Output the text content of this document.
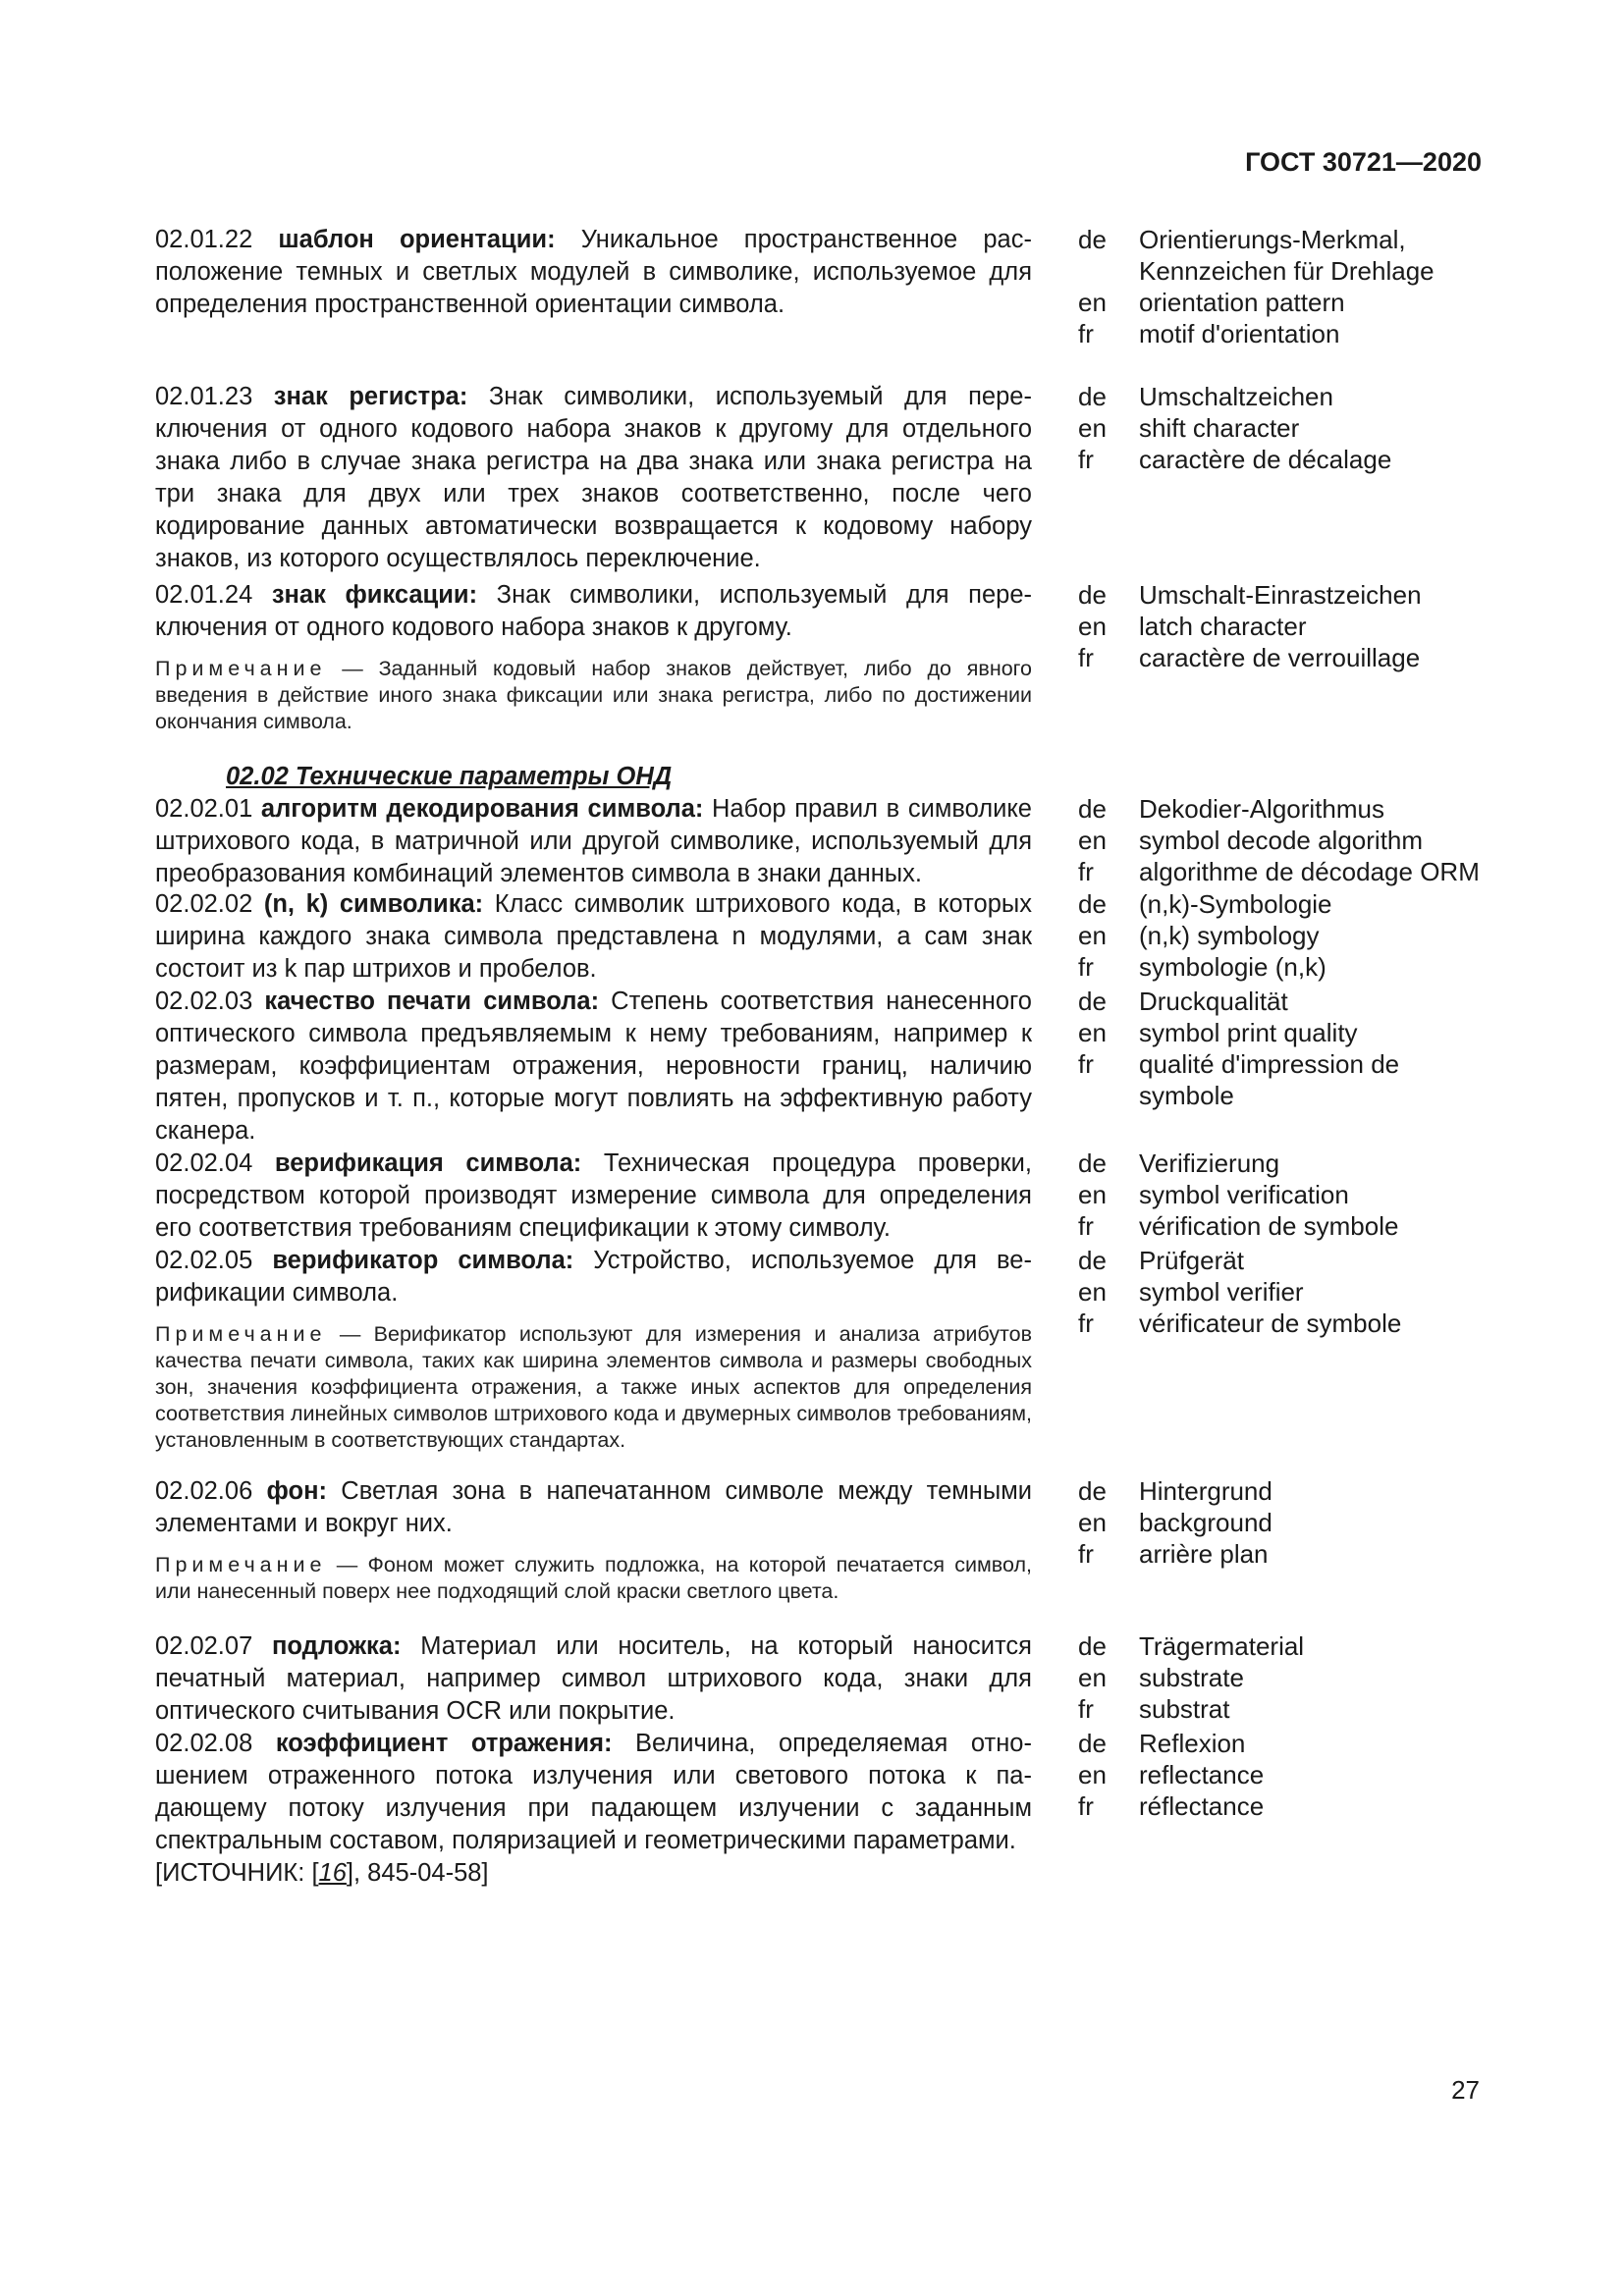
ГОСТ 30721—2020
02.01.22 шаблон ориентации: Уникальное пространственное расположение темных и светлых модулей в символике, используемое для определения пространственной ориентации символа.
de	Orientierungs-Merkmal, Kennzeichen für Drehlage
en	orientation pattern
fr	motif d'orientation
02.01.23 знак регистра: Знак символики, используемый для переключения от одного кодового набора знаков к другому для отдельного знака либо в случае знака регистра на два знака или знака регистра на три знака для двух или трех знаков соответственно, после чего кодирование данных автоматически возвращается к кодовому набору знаков, из которого осуществлялось переключение.
de	Umschaltzeichen
en	shift character
fr	caractère de décalage
02.01.24 знак фиксации: Знак символики, используемый для переключения от одного кодового набора знаков к другому.
Примечание — Заданный кодовый набор знаков действует, либо до явного введения в действие иного знака фиксации или знака регистра, либо по достижении окончания символа.
de	Umschalt-Einrastzeichen
en	latch character
fr	caractère de verrouillage
02.02 Технические параметры ОНД
02.02.01 алгоритм декодирования символа: Набор правил в символике штрихового кода, в матричной или другой символике, используемый для преобразования комбинаций элементов символа в знаки данных.
de	Dekodier-Algorithmus
en	symbol decode algorithm
fr	algorithme de décodage ORM
02.02.02 (n, k) символика: Класс символик штрихового кода, в которых ширина каждого знака символа представлена n модулями, а сам знак состоит из k пар штрихов и пробелов.
de	(n,k)-Symbologie
en	(n,k) symbology
fr	symbologie (n,k)
02.02.03 качество печати символа: Степень соответствия нанесенного оптического символа предъявляемым к нему требованиям, например к размерам, коэффициентам отражения, неровности границ, наличию пятен, пропусков и т. п., которые могут повлиять на эффективную работу сканера.
de	Druckqualität
en	symbol print quality
fr	qualité d'impression de symbole
02.02.04 верификация символа: Техническая процедура проверки, посредством которой производят измерение символа для определения его соответствия требованиям спецификации к этому символу.
de	Verifizierung
en	symbol verification
fr	vérification de symbole
02.02.05 верификатор символа: Устройство, используемое для верификации символа.
Примечание — Верификатор используют для измерения и анализа атрибутов качества печати символа, таких как ширина элементов символа и размеры свободных зон, значения коэффициента отражения, а также иных аспектов для определения соответствия линейных символов штрихового кода и двумерных символов требованиям, установленным в соответствующих стандартах.
de	Prüfgerät
en	symbol verifier
fr	vérificateur de symbole
02.02.06 фон: Светлая зона в напечатанном символе между темными элементами и вокруг них.
Примечание — Фоном может служить подложка, на которой печатается символ, или нанесенный поверх нее подходящий слой краски светлого цвета.
de	Hintergrund
en	background
fr	arrière plan
02.02.07 подложка: Материал или носитель, на который наносится печатный материал, например символ штрихового кода, знаки для оптического считывания OCR или покрытие.
de	Trägermaterial
en	substrate
fr	substrat
02.02.08 коэффициент отражения: Величина, определяемая отношением отраженного потока излучения или светового потока к падающему потоку излучения при падающем излучении с заданным спектральным составом, поляризацией и геометрическими параметрами.
[ИСТОЧНИК: [16], 845-04-58]
de	Reflexion
en	reflectance
fr	réflectance
27
